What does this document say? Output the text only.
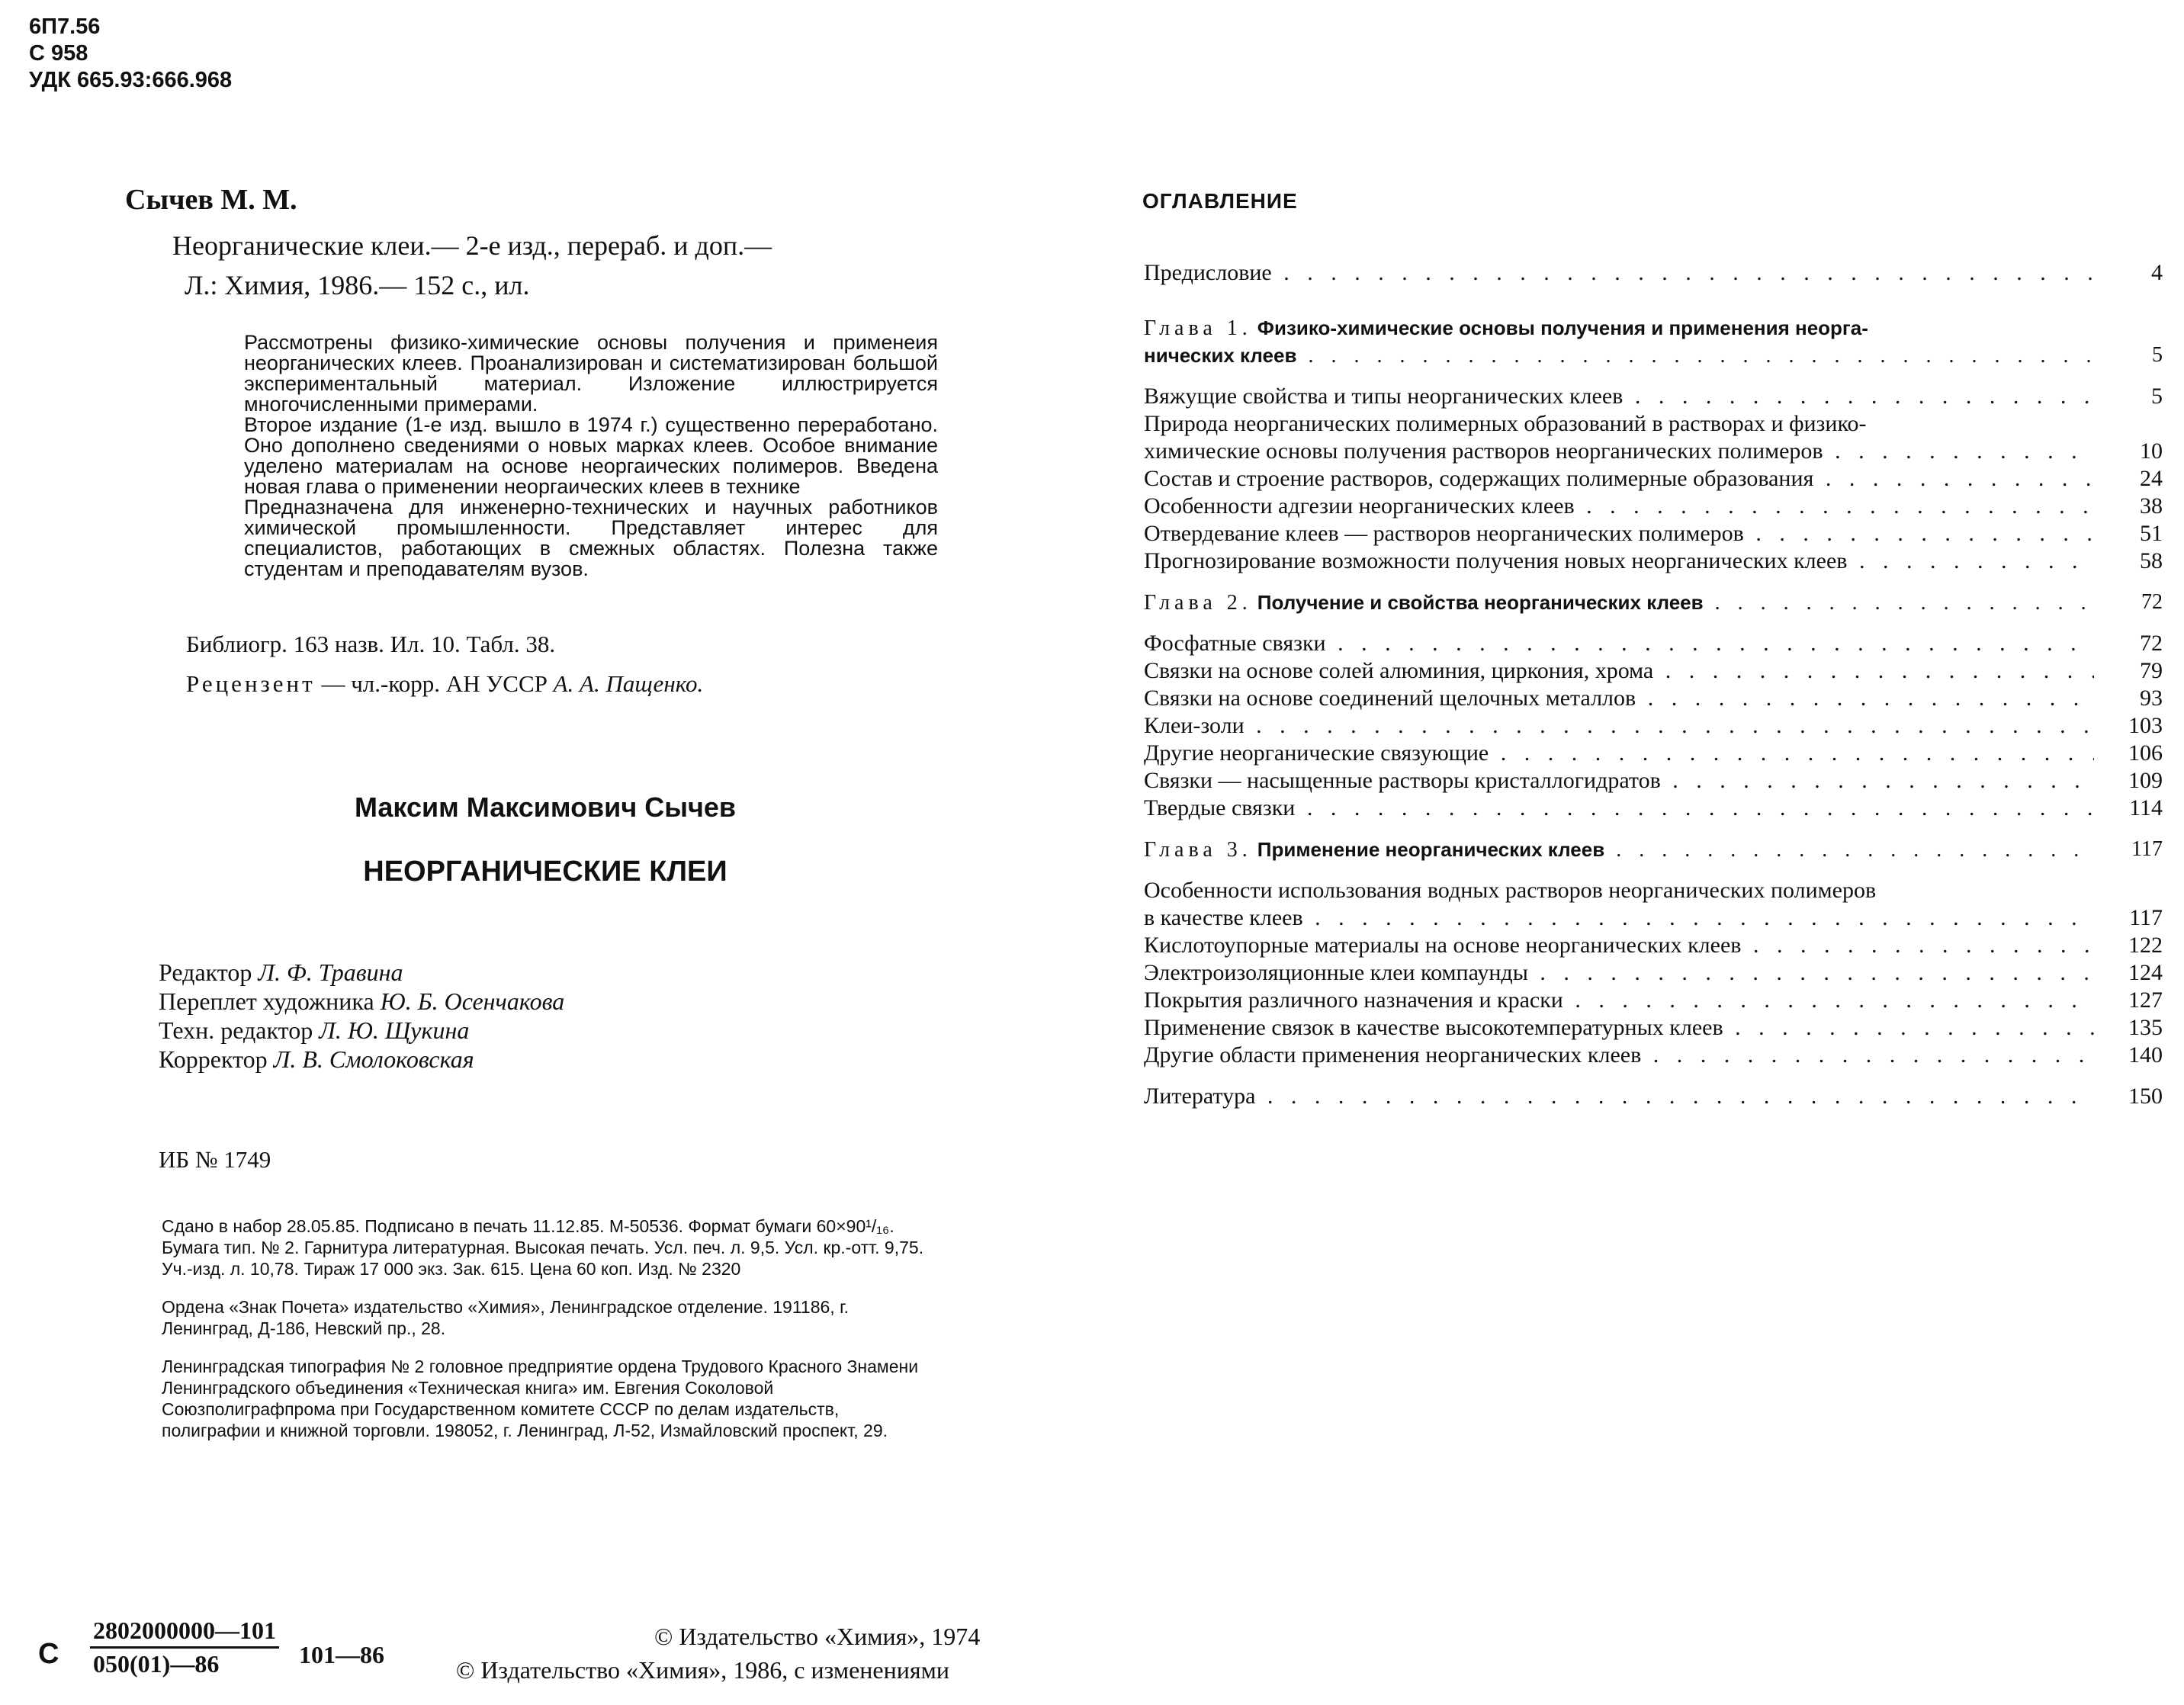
6П7.56
С 958
УДК 665.93:666.968
Сычев М. М.
Неорганические клеи.— 2-е изд., перераб. и доп.—
Л.: Химия, 1986.— 152 с., ил.
Рассмотрены физико-химические основы получения и применеия неорганических клеев. Проанализирован и систематизирован большой экспериментальный материал. Изложение иллюстрируется многочисленными примерами.
Второе издание (1-е изд. вышло в 1974 г.) существенно переработано. Оно дополнено сведениями о новых марках клеев. Особое внимание уделено материалам на основе неоргаических полимеров. Введена новая глава о применении неоргаических клеев в технике
Предназначена для инженерно-технических и научных работников химической промышленности. Представляет интерес для специалистов, работающих в смежных областях. Полезна также студентам и преподавателям вузов.
Библиогр. 163 назв. Ил. 10. Табл. 38.
Рецензент — чл.-корр. АН УССР А. А. Пащенко.
Максим Максимович Сычев
НЕОРГАНИЧЕСКИЕ КЛЕИ
Редактор Л. Ф. Травина
Переплет художника Ю. Б. Осенчакова
Техн. редактор Л. Ю. Щукина
Корректор Л. В. Смолоковская
ИБ № 1749
Сдано в набор 28.05.85. Подписано в печать 11.12.85. М-50536. Формат бумаги 60×90¹/₁₆. Бумага тип. № 2. Гарнитура литературная. Высокая печать. Усл. печ. л. 9,5. Усл. кр.-отт. 9,75. Уч.-изд. л. 10,78. Тираж 17 000 экз. Зак. 615. Цена 60 коп. Изд. № 2320
Ордена «Знак Почета» издательство «Химия», Ленинградское отделение. 191186, г. Ленинград, Д-186, Невский пр., 28.
Ленинградская типография № 2 головное предприятие ордена Трудового Красного Знамени Ленинградского объединения «Техническая книга» им. Евгения Соколовой Союзполиграфпрома при Государственном комитете СССР по делам издательств, полиграфии и книжной торговли. 198052, г. Ленинград, Л-52, Измайловский проспект, 29.
С $\frac{2802000000—101}{050(01)—86}$ 101—86
© Издательство «Химия», 1974
© Издательство «Химия», 1986, с изменениями
ОГЛАВЛЕНИЕ
Предисловие . . .	4
Глава 1. Физико-химические основы получения и применения неорга-
нических клеев . . .	5
Вяжущие свойства и типы неорганических клеев . . .	5
Природа неорганических полимерных образований в растворах и физико-
химические основы получения растворов неорганических полимеров . . .	10
Состав и строение растворов, содержащих полимерные образования . . .	24
Особенности адгезии неорганических клеев . . .	38
Отвердевание клеев — растворов неорганических полимеров . . .	51
Прогнозирование возможности получения новых неорганических клеев . . .	58
Глава 2. Получение и свойства неорганических клеев . . .	72
Фосфатные связки . . .	72
Связки на основе солей алюминия, циркония, хрома . . .	79
Связки на основе соединений щелочных металлов . . .	93
Клеи-золи . . .	103
Другие неорганические связующие . . .	106
Связки — насыщенные растворы кристаллогидратов . . .	109
Твердые связки . . .	114
Глава 3. Применение неорганических клеев . . .	117
Особенности использования водных растворов неорганических полимеров
в качестве клеев . . .	117
Кислотоупорные материалы на основе неорганических клеев . . .	122
Электроизоляционные клеи компаунды . . .	124
Покрытия различного назначения и краски . . .	127
Применение связок в качестве высокотемпературных клеев . . .	135
Другие области применения неорганических клеев . . .	140
Литература . . .	150
